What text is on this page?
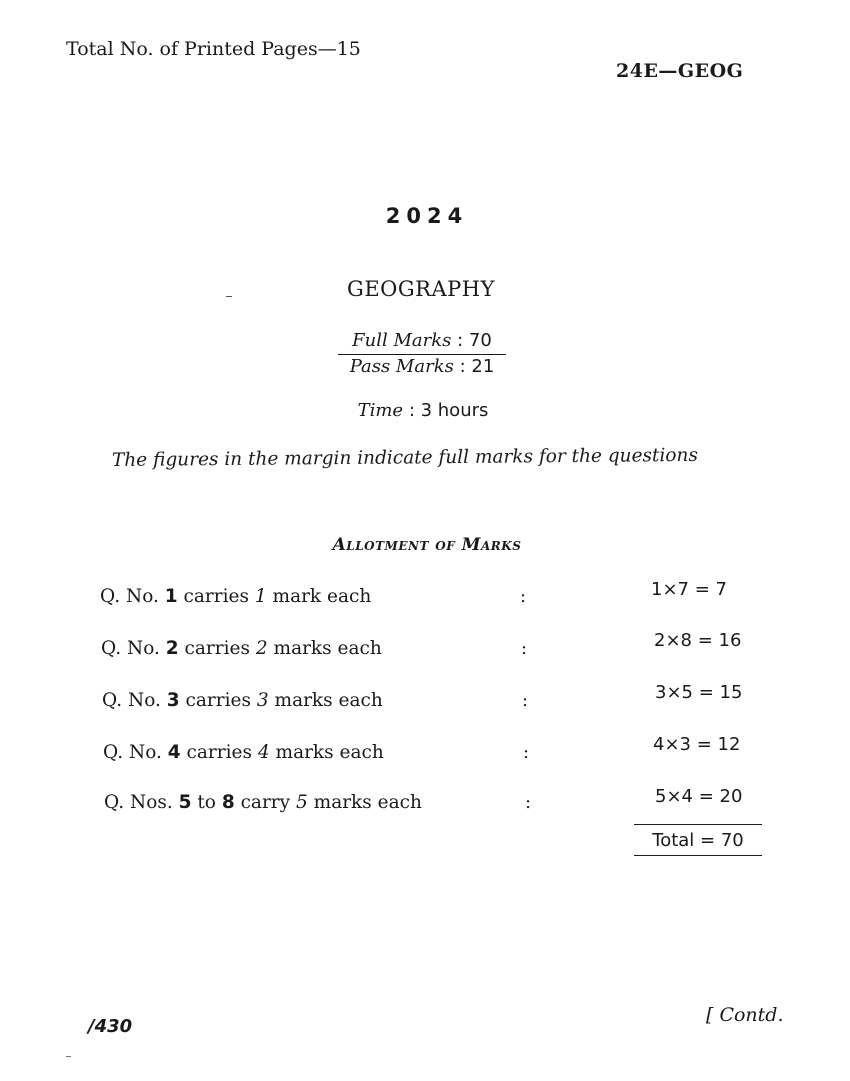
Total No. of Printed Pages—15
24E—GEOG
2024
GEOGRAPHY
Full Marks : 70
Pass Marks : 21
Time : 3 hours
The figures in the margin indicate full marks for the questions
Allotment of Marks
Q. No. 1 carries 1 mark each	:	1×7 = 7
Q. No. 2 carries 2 marks each	:	2×8 = 16
Q. No. 3 carries 3 marks each	:	3×5 = 15
Q. No. 4 carries 4 marks each	:	4×3 = 12
Q. Nos. 5 to 8 carry 5 marks each	:	5×4 = 20
Total = 70
/430
[ Contd.
